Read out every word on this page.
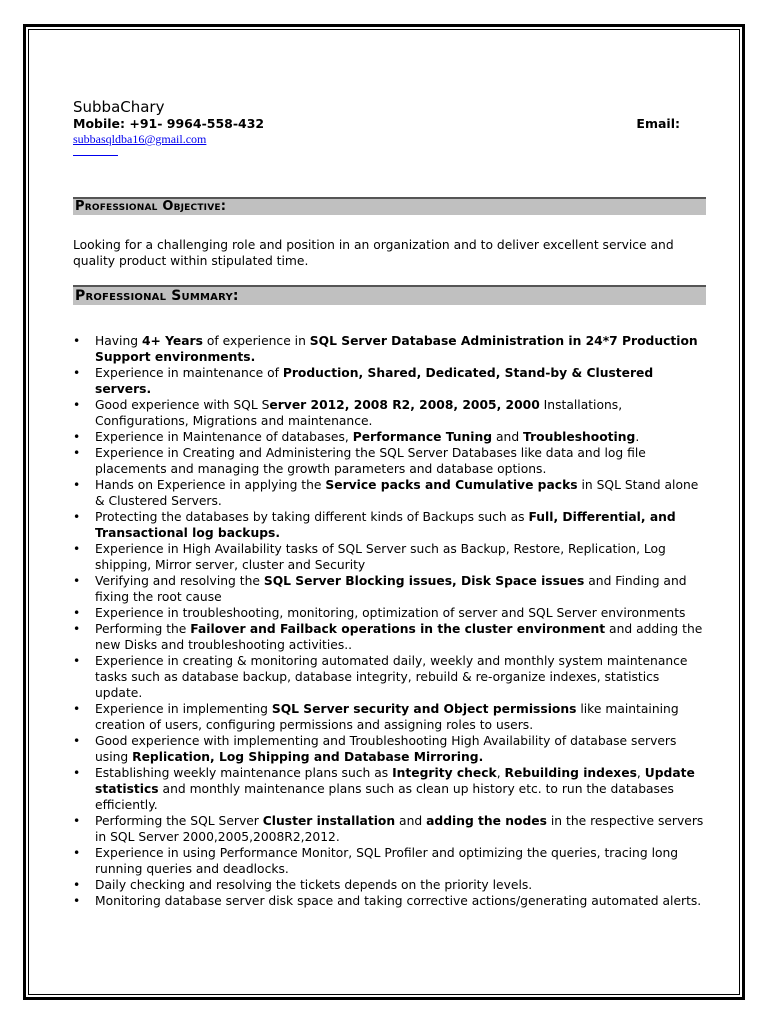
SubbaChary
Mobile: +91- 9964-558-432	Email:
subbasqldba16@gmail.com
Professional Objective:
Looking for a challenging role and position in an organization and to deliver excellent service and quality product within stipulated time.
Professional Summary:
• Having 4+ Years of experience in SQL Server Database Administration in 24*7 Production Support environments.
• Experience in maintenance of Production, Shared, Dedicated, Stand-by & Clustered servers.
• Good experience with SQL Server 2012, 2008 R2, 2008, 2005, 2000 Installations, Configurations, Migrations and maintenance.
• Experience in Maintenance of databases, Performance Tuning and Troubleshooting.
• Experience in Creating and Administering the SQL Server Databases like data and log file placements and managing the growth parameters and database options.
• Hands on Experience in applying the Service packs and Cumulative packs in SQL Stand alone & Clustered Servers.
• Protecting the databases by taking different kinds of Backups such as Full, Differential, and Transactional log backups.
• Experience in High Availability tasks of SQL Server such as Backup, Restore, Replication, Log shipping, Mirror server, cluster and Security
• Verifying and resolving the SQL Server Blocking issues, Disk Space issues and Finding and fixing the root cause
• Experience in troubleshooting, monitoring, optimization of server and SQL Server environments
• Performing the Failover and Failback operations in the cluster environment and adding the new Disks and troubleshooting activities..
• Experience in creating & monitoring automated daily, weekly and monthly system maintenance tasks such as database backup, database integrity, rebuild & re-organize indexes, statistics update.
• Experience in implementing SQL Server security and Object permissions like maintaining creation of users, configuring permissions and assigning roles to users.
• Good experience with implementing and Troubleshooting High Availability of database servers using Replication, Log Shipping and Database Mirroring.
• Establishing weekly maintenance plans such as Integrity check, Rebuilding indexes, Update statistics and monthly maintenance plans such as clean up history etc. to run the databases efficiently.
• Performing the SQL Server Cluster installation and adding the nodes in the respective servers in SQL Server 2000,2005,2008R2,2012.
• Experience in using Performance Monitor, SQL Profiler and optimizing the queries, tracing long running queries and deadlocks.
• Daily checking and resolving the tickets depends on the priority levels.
• Monitoring database server disk space and taking corrective actions/generating automated alerts.
